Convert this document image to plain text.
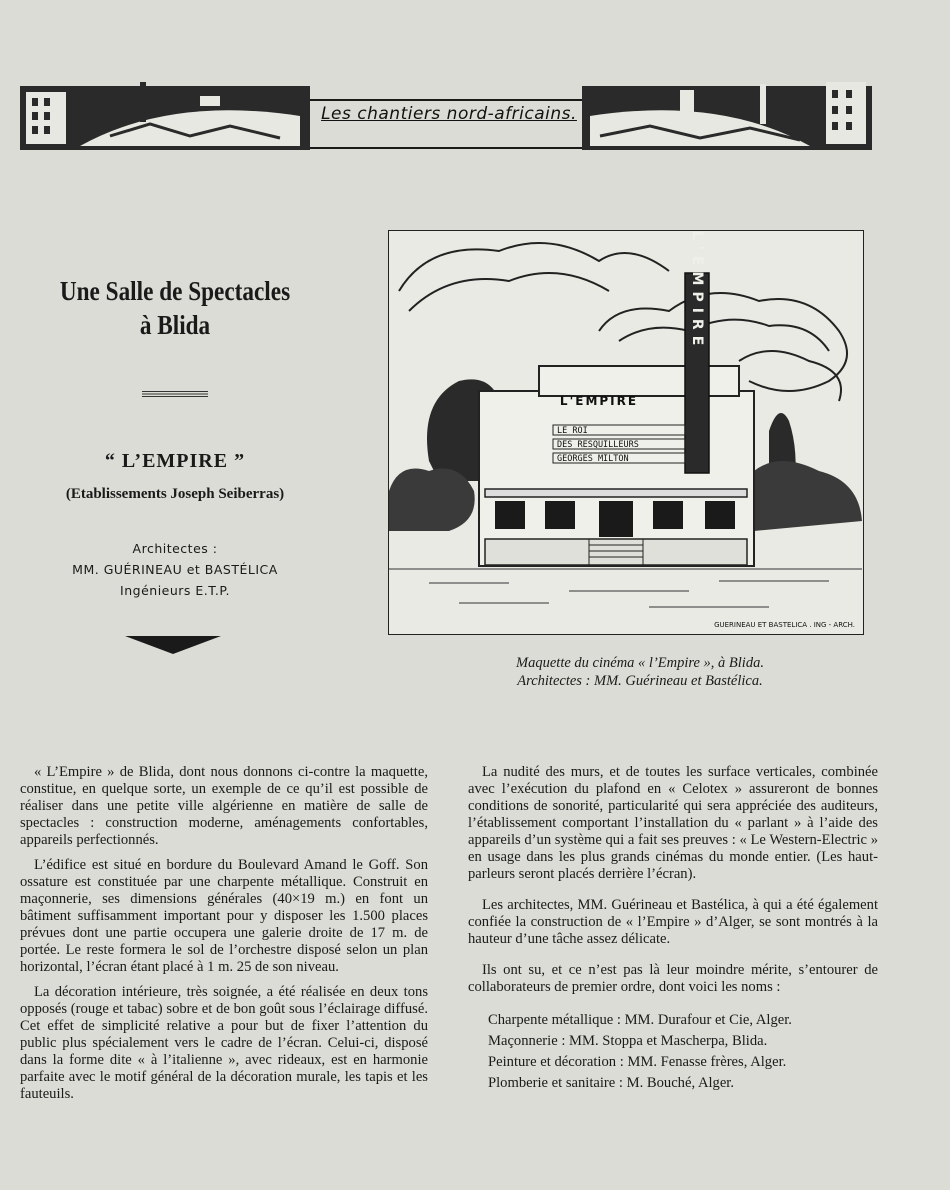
Les chantiers nord-africains.
Une Salle de Spectacles
à Blida
“ L’EMPIRE ”
(Etablissements Joseph Seiberras)
Architectes :
MM. GUÉRINEAU et BASTÉLICA
Ingénieurs E.T.P.
L'EMPIRE
L'EMPIRE
LE ROI
DES RESQUILLEURS
GEORGES MILTON
GUERINEAU ET BASTELICA . ING - ARCH.
Maquette du cinéma « l’Empire », à Blida.
Architectes : MM. Guérineau et Bastélica.

« L’Empire » de Blida, dont nous donnons ci-contre la maquette, constitue, en quelque sorte, un exemple de ce qu’il est possible de réaliser dans une petite ville algérienne en matière de salle de spectacles : construction moderne, aménagements confortables, appareils perfectionnés.

L’édifice est situé en bordure du Boulevard Amand le Goff. Son ossature est constituée par une charpente métallique. Construit en maçonnerie, ses dimensions générales (40×19 m.) en font un bâtiment suffisamment important pour y disposer les 1.500 places prévues dont une partie occupera une galerie droite de 17 m. de portée. Le reste formera le sol de l’orchestre disposé selon un plan horizontal, l’écran étant placé à 1 m. 25 de son niveau.

La décoration intérieure, très soignée, a été réalisée en deux tons opposés (rouge et tabac) sobre et de bon goût sous l’éclairage diffusé. Cet effet de simplicité relative a pour but de fixer l’attention du public plus spécialement vers le cadre de l’écran. Celui-ci, disposé dans la forme dite « à l’italienne », avec rideaux, est en harmonie parfaite avec le motif général de la décoration murale, les tapis et les fauteuils.

La nudité des murs, et de toutes les surface verticales, combinée avec l’exécution du plafond en « Celotex » assureront de bonnes conditions de sonorité, particularité qui sera appréciée des auditeurs, l’établissement comportant l’installation du « parlant » à l’aide des appareils d’un système qui a fait ses preuves : « Le Western-Electric » en usage dans les plus grands cinémas du monde entier. (Les haut-parleurs seront placés derrière l’écran).

Les architectes, MM. Guérineau et Bastélica, à qui a été également confiée la construction de « l’Empire » d’Alger, se sont montrés à la hauteur d’une tâche assez délicate.

Ils ont su, et ce n’est pas là leur moindre mérite, s’entourer de collaborateurs de premier ordre, dont voici les noms :

Charpente métallique : MM. Durafour et Cie, Alger.
Maçonnerie : MM. Stoppa et Mascherpa, Blida.
Peinture et décoration : MM. Fenasse frères, Alger.
Plomberie et sanitaire : M. Bouché, Alger.
